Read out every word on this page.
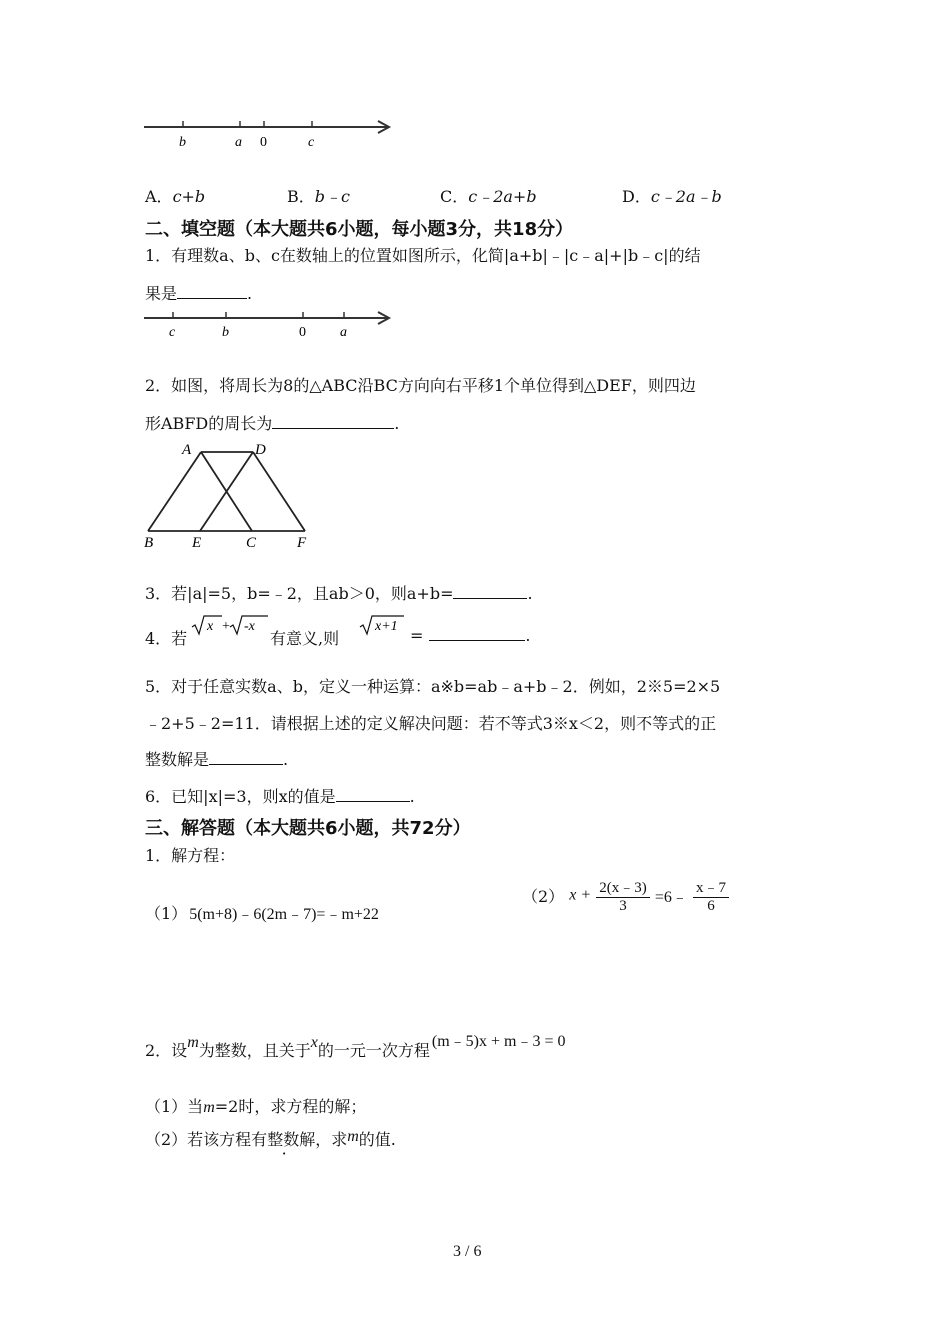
b	a 0	c
A．c+b	B．b﹣c	C．c﹣2a+b	D．c﹣2a﹣b
二、填空题（本大题共6小题，每小题3分，共18分）
1．有理数a、b、c在数轴上的位置如图所示，化简|a+b|﹣|c﹣a|+|b﹣c|的结
果是	.
c	b	0 a
2．如图，将周长为8的△ABC沿BC方向向右平移1个单位得到△DEF，则四边
形ABFD的周长为	.
A	D
B	E	C	F
3．若|a|=5，b=﹣2，且ab＞0，则a+b=	.
4．若
x + -x
有意义,则
x+1 =	.
5．对于任意实数a、b，定义一种运算：a※b=ab﹣a+b﹣2．例如，2※5=2×5
﹣2+5﹣2=11．请根据上述的定义解决问题：若不等式3※x＜2，则不等式的正
整数解是	.
6．已知|x|=3，则x的值是	.
三、解答题（本大题共6小题，共72分）
1．解方程：
（1） 5(m+8)﹣6(2m﹣7)=﹣m+22
（2） $x + \frac{2(x﹣3)}{3}$ =6﹣ $\frac{x﹣7}{6}$
2．设m为整数，且关于x的一元一次方程 (m﹣5)x + m﹣3 = 0
（1）当m=2时，求方程的解；
（2）若该方程有整数解，求m的值.
3 / 6
